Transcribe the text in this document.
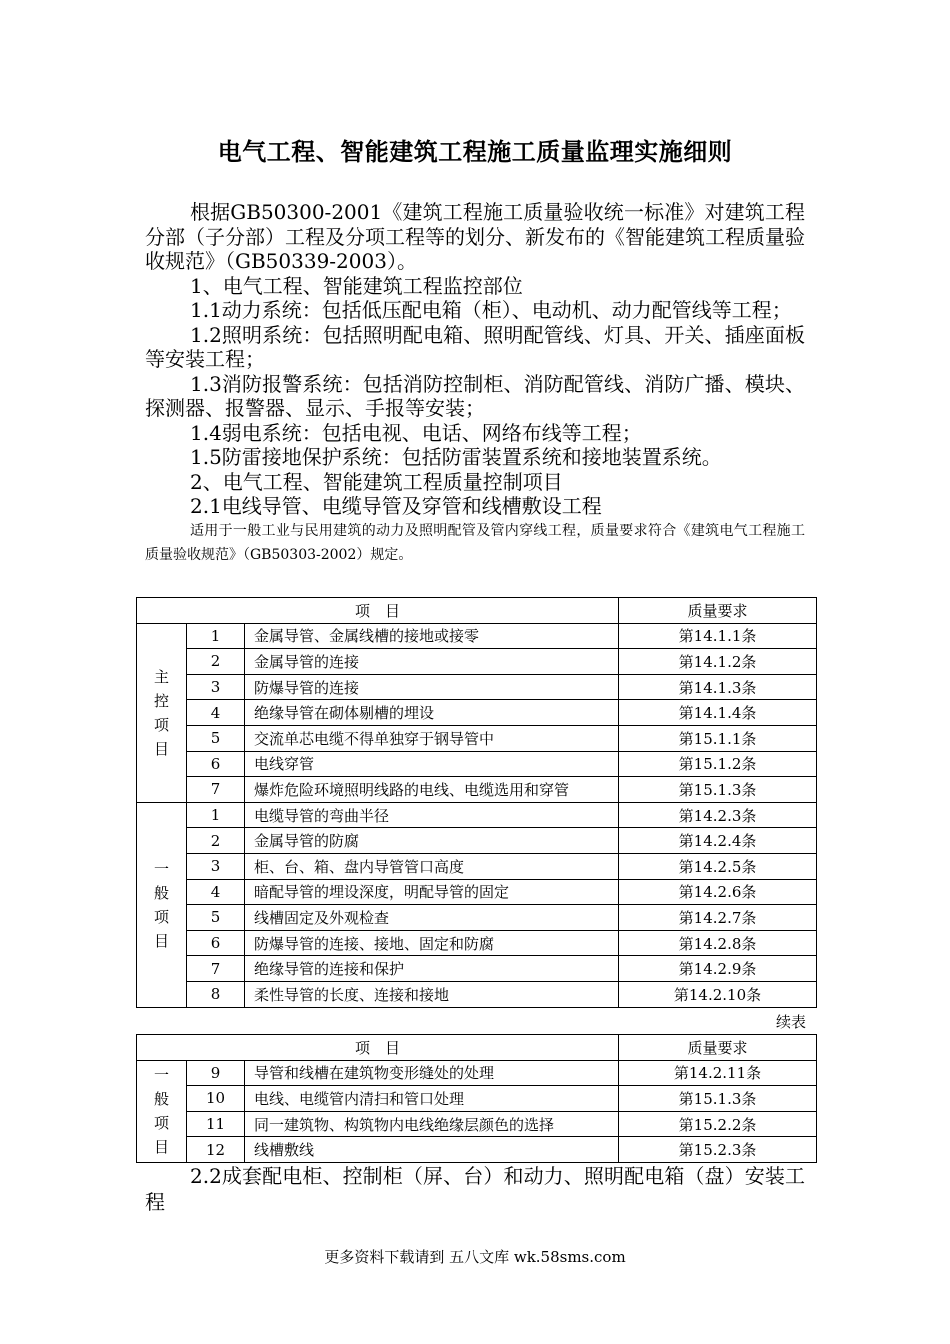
电气工程、智能建筑工程施工质量监理实施细则

根据GB50300-2001《建筑工程施工质量验收统一标准》对建筑工程分部（子分部）工程及分项工程等的划分、新发布的《智能建筑工程质量验收规范》（GB50339-2003）。

1、电气工程、智能建筑工程监控部位

1.1动力系统：包括低压配电箱（柜）、电动机、动力配管线等工程；

1.2照明系统：包括照明配电箱、照明配管线、灯具、开关、插座面板等安装工程；

1.3消防报警系统：包括消防控制柜、消防配管线、消防广播、模块、探测器、报警器、显示、手报等安装；

1.4弱电系统：包括电视、电话、网络布线等工程；

1.5防雷接地保护系统：包括防雷装置系统和接地装置系统。

2、电气工程、智能建筑工程质量控制项目

2.1电线导管、电缆导管及穿管和线槽敷设工程

适用于一般工业与民用建筑的动力及照明配管及管内穿线工程，质量要求符合《建筑电气工程施工质量验收规范》（GB50303-2002）规定。

项　目			质量要求
主
控
项
目	1	金属导管、金属线槽的接地或接零	第14.1.1条
	2	金属导管的连接	第14.1.2条
	3	防爆导管的连接	第14.1.3条
	4	绝缘导管在砌体剔槽的埋设	第14.1.4条
	5	交流单芯电缆不得单独穿于钢导管中	第15.1.1条
	6	电线穿管	第15.1.2条
	7	爆炸危险环境照明线路的电线、电缆选用和穿管	第15.1.3条
一
般
项
目	1	电缆导管的弯曲半径	第14.2.3条
	2	金属导管的防腐	第14.2.4条
	3	柜、台、箱、盘内导管管口高度	第14.2.5条
	4	暗配导管的埋设深度，明配导管的固定	第14.2.6条
	5	线槽固定及外观检查	第14.2.7条
	6	防爆导管的连接、接地、固定和防腐	第14.2.8条
	7	绝缘导管的连接和保护	第14.2.9条
	8	柔性导管的长度、连接和接地	第14.2.10条
续表
项　目			质量要求
一
般
项
目	9	导管和线槽在建筑物变形缝处的处理	第14.2.11条
	10	电线、电缆管内清扫和管口处理	第15.1.3条
	11	同一建筑物、构筑物内电线绝缘层颜色的选择	第15.2.2条
	12	线槽敷线	第15.2.3条

2.2成套配电柜、控制柜（屏、台）和动力、照明配电箱（盘）安装工程

更多资料下载请到 五八文库 wk.58sms.com
